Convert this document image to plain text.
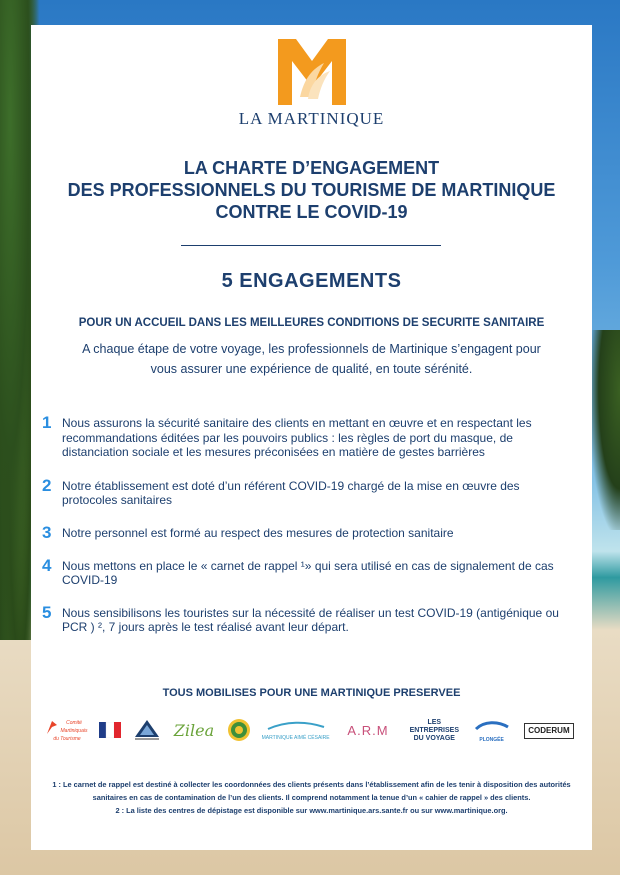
LA MARTINIQUE
LA CHARTE D’ENGAGEMENT
DES PROFESSIONNELS DU TOURISME DE MARTINIQUE
CONTRE LE COVID-19
5 ENGAGEMENTS
POUR UN ACCUEIL DANS LES MEILLEURES CONDITIONS DE SECURITE SANITAIRE
A chaque étape de votre voyage, les professionnels de Martinique s’engagent pour vous assurer une expérience de qualité, en toute sérénité.
1 Nous assurons la sécurité sanitaire des clients en mettant en œuvre et en respectant les recommandations éditées par les pouvoirs publics : les règles de port du masque, de distanciation sociale et les mesures préconisées en matière de gestes barrières
2 Notre établissement est doté d’un référent COVID-19 chargé de la mise en œuvre des protocoles sanitaires
3 Notre personnel est formé au respect des mesures de protection sanitaire
4 Nous mettons en place le « carnet de rappel ¹» qui sera utilisé en cas de signalement de cas COVID-19
5 Nous sensibilisons les touristes sur la nécessité de réaliser un test COVID-19 (antigénique ou PCR ) ², 7 jours après le test réalisé avant leur départ.
TOUS MOBILISES POUR UNE MARTINIQUE PRESERVEE
Comité Martiniquais du Tourisme	Zilea	MARTINIQUE AIMÉ CÉSAIRE	A.R.M
LES ENTREPRISES
DU VOYAGE	PLONGÉE
CODERUM
1 : Le carnet de rappel est destiné à collecter les coordonnées des clients présents dans l’établissement afin de les tenir à disposition des autorités sanitaires en cas de contamination de l’un des clients. Il comprend notamment la tenue d’un « cahier de rappel » des clients.
2 : La liste des centres de dépistage est disponible sur www.martinique.ars.sante.fr ou sur www.martinique.org.
